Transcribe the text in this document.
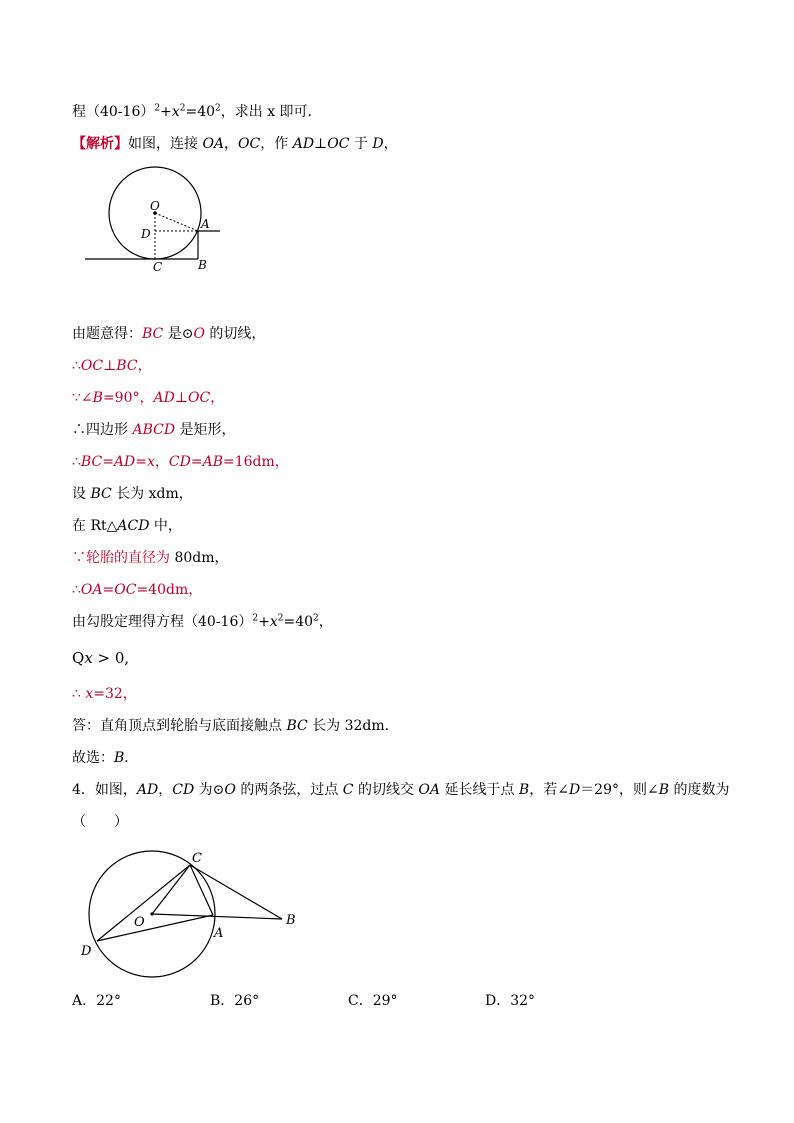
程$(40-16)^2+x^2=40^2$，求出 x 即可．
【解析】如图，连接 OA，OC，作 AD⊥OC 于 D，
O
A
D
C	B
由题意得：BC 是⊙O 的切线，
∴OC⊥BC，
∵∠B=90°，AD⊥OC，
∴四边形 ABCD 是矩形，
∴BC=AD=x，CD=AB=16dm，
设 BC 长为 xdm，
在 Rt△ACD 中，
∵轮胎的直径为 80dm，
∴OA=OC=40dm，
由勾股定理得方程$(40-16)^2+x^2=40^2$，
Qx > 0,
∴ x=32，
答：直角顶点到轮胎与底面接触点 BC 长为 32dm．
故选：B．
4．如图，AD，CD 为⊙O 的两条弦，过点 C 的切线交 OA 延长线于点 B，若∠D＝29°，则∠B 的度数为
（　　）
C
O
A
B
D
A．22°	B．26°	C．29°	D．32°
